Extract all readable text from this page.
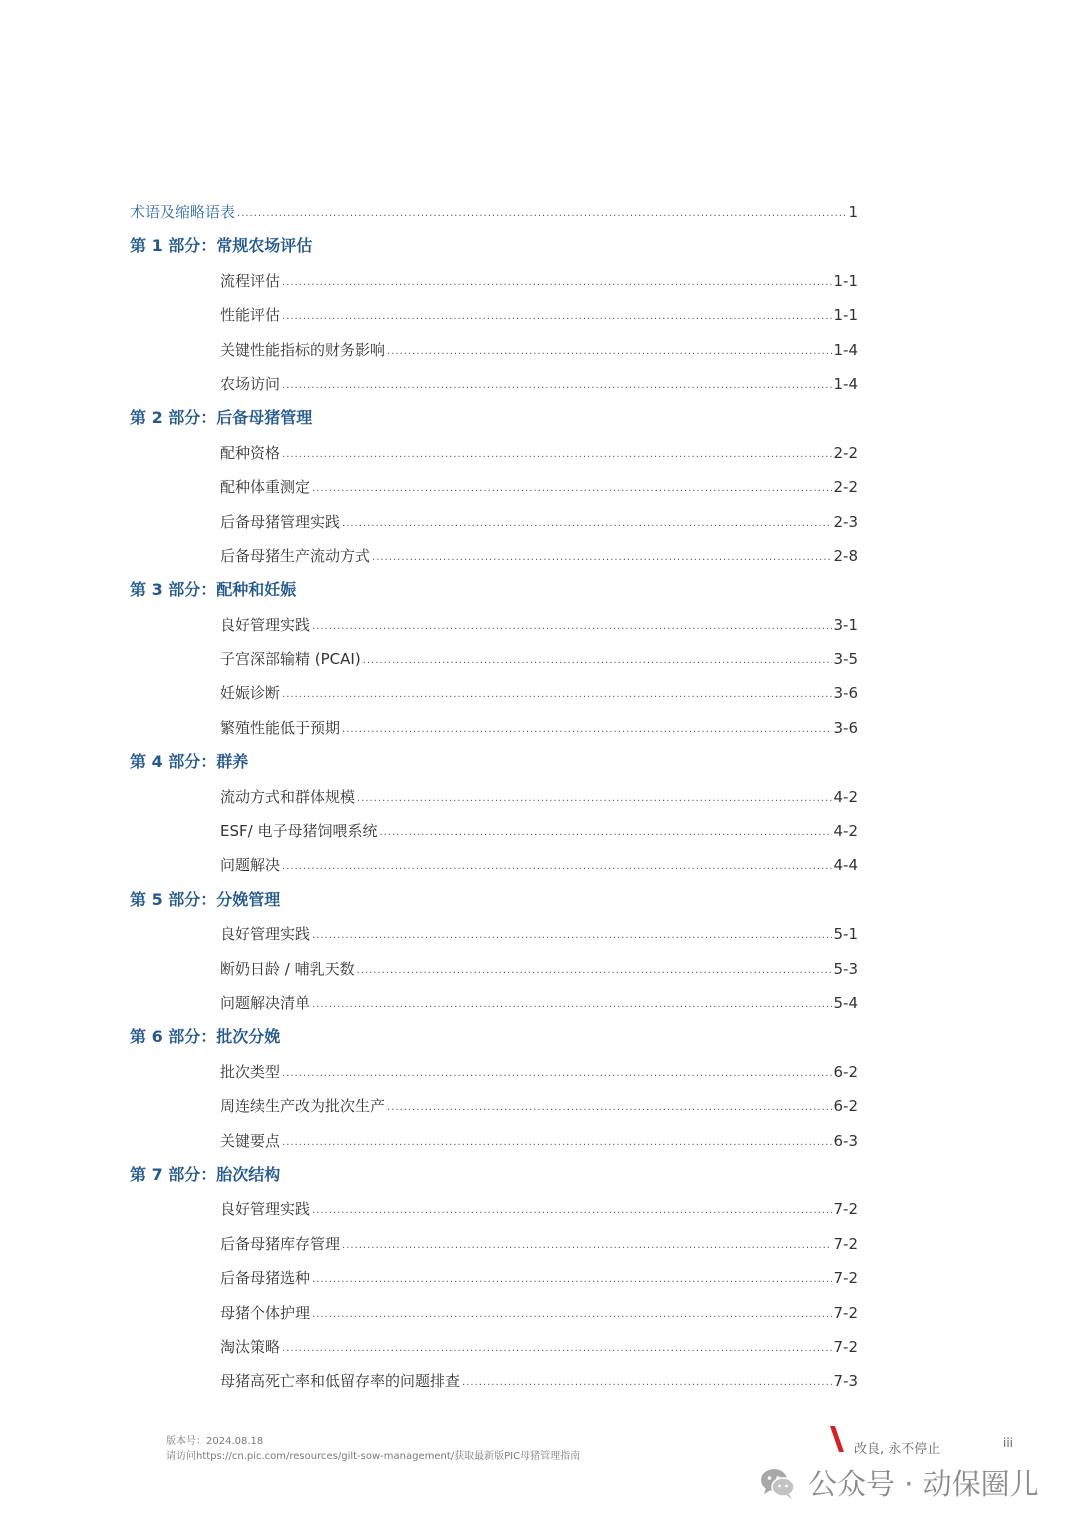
术语及缩略语表 .....	1
第 1 部分：常规农场评估
流程评估 .....	1-1
性能评估 .....	1-1
关键性能指标的财务影响 .....	1-4
农场访问 .....	1-4
第 2 部分：后备母猪管理
配种资格 .....	2-2
配种体重测定 .....	2-2
后备母猪管理实践 .....	2-3
后备母猪生产流动方式 .....	2-8
第 3 部分：配种和妊娠
良好管理实践 .....	3-1
子宫深部输精 (PCAI) .....	3-5
妊娠诊断 .....	3-6
繁殖性能低于预期 .....	3-6
第 4 部分：群养
流动方式和群体规模 .....	4-2
ESF/ 电子母猪饲喂系统 .....	4-2
问题解决 .....	4-4
第 5 部分：分娩管理
良好管理实践 .....	5-1
断奶日龄 / 哺乳天数 .....	5-3
问题解决清单 .....	5-4
第 6 部分：批次分娩
批次类型 .....	6-2
周连续生产改为批次生产 .....	6-2
关键要点 .....	6-3
第 7 部分：胎次结构
良好管理实践 .....	7-2
后备母猪库存管理 .....	7-2
后备母猪选种 .....	7-2
母猪个体护理 .....	7-2
淘汰策略 .....	7-2
母猪高死亡率和低留存率的问题排查 .....	7-3
版本号：2024.08.18
请访问https://cn.pic.com/resources/gilt-sow-management/获取最新版PIC母猪管理指南	改良, 永不停止	iii
公众号 · 动保圈儿
